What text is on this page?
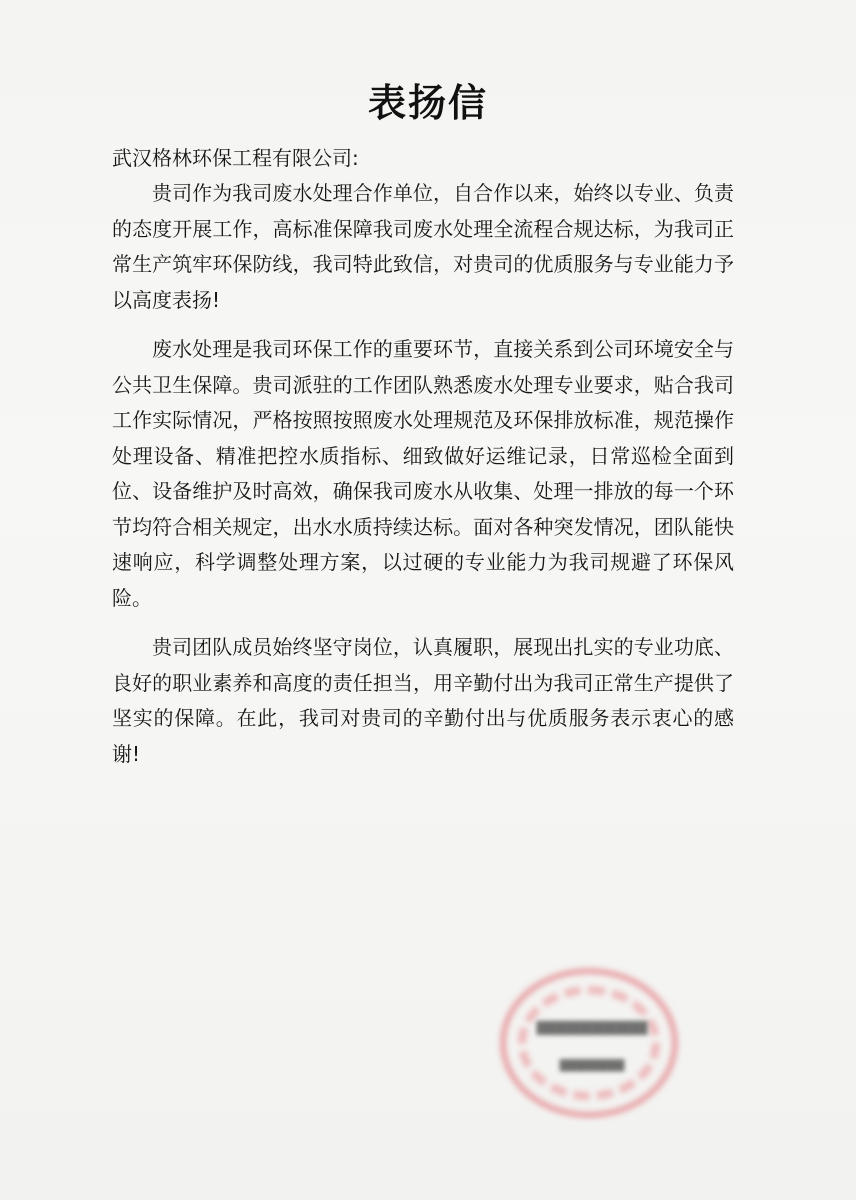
表扬信
武汉格林环保工程有限公司:

贵司作为我司废水处理合作单位，自合作以来，始终以专业、负责的态度开展工作，高标准保障我司废水处理全流程合规达标，为我司正常生产筑牢环保防线，我司特此致信，对贵司的优质服务与专业能力予以高度表扬!

废水处理是我司环保工作的重要环节，直接关系到公司环境安全与公共卫生保障。贵司派驻的工作团队熟悉废水处理专业要求，贴合我司工作实际情况，严格按照按照废水处理规范及环保排放标准，规范操作处理设备、精准把控水质指标、细致做好运维记录，日常巡检全面到位、设备维护及时高效，确保我司废水从收集、处理一排放的每一个环节均符合相关规定，出水水质持续达标。面对各种突发情况，团队能快速响应，科学调整处理方案，以过硬的专业能力为我司规避了环保风险。

贵司团队成员始终坚守岗位，认真履职，展现出扎实的专业功底、良好的职业素养和高度的责任担当，用辛勤付出为我司正常生产提供了坚实的保障。在此，我司对贵司的辛勤付出与优质服务表示衷心的感谢!

▆▆▆▆▆▆▆▆▆
▆▆▆▆▆▆
